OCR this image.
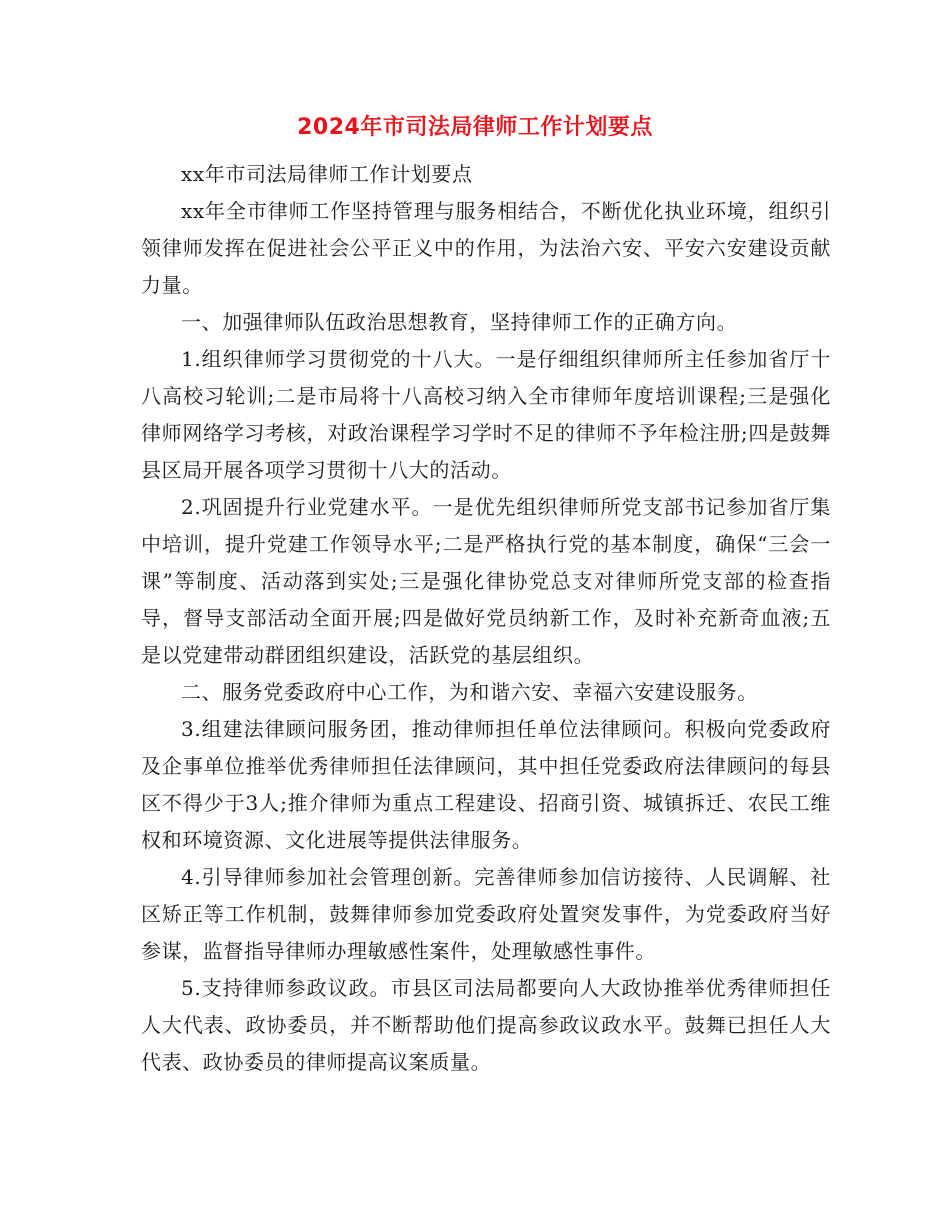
2024年市司法局律师工作计划要点

xx年市司法局律师工作计划要点

xx年全市律师工作坚持管理与服务相结合，不断优化执业环境，组织引领律师发挥在促进社会公平正义中的作用，为法治六安、平安六安建设贡献力量。

一、加强律师队伍政治思想教育，坚持律师工作的正确方向。

1.组织律师学习贯彻党的十八大。一是仔细组织律师所主任参加省厅十八高校习轮训;二是市局将十八高校习纳入全市律师年度培训课程;三是强化律师网络学习考核，对政治课程学习学时不足的律师不予年检注册;四是鼓舞县区局开展各项学习贯彻十八大的活动。

2.巩固提升行业党建水平。一是优先组织律师所党支部书记参加省厅集中培训，提升党建工作领导水平;二是严格执行党的基本制度，确保“三会一课”等制度、活动落到实处;三是强化律协党总支对律师所党支部的检查指导，督导支部活动全面开展;四是做好党员纳新工作，及时补充新奇血液;五是以党建带动群团组织建设，活跃党的基层组织。

二、服务党委政府中心工作，为和谐六安、幸福六安建设服务。

3.组建法律顾问服务团，推动律师担任单位法律顾问。积极向党委政府及企事单位推举优秀律师担任法律顾问，其中担任党委政府法律顾问的每县区不得少于3人;推介律师为重点工程建设、招商引资、城镇拆迁、农民工维权和环境资源、文化进展等提供法律服务。

4.引导律师参加社会管理创新。完善律师参加信访接待、人民调解、社区矫正等工作机制，鼓舞律师参加党委政府处置突发事件，为党委政府当好参谋，监督指导律师办理敏感性案件，处理敏感性事件。

5.支持律师参政议政。市县区司法局都要向人大政协推举优秀律师担任人大代表、政协委员，并不断帮助他们提高参政议政水平。鼓舞已担任人大代表、政协委员的律师提高议案质量。
